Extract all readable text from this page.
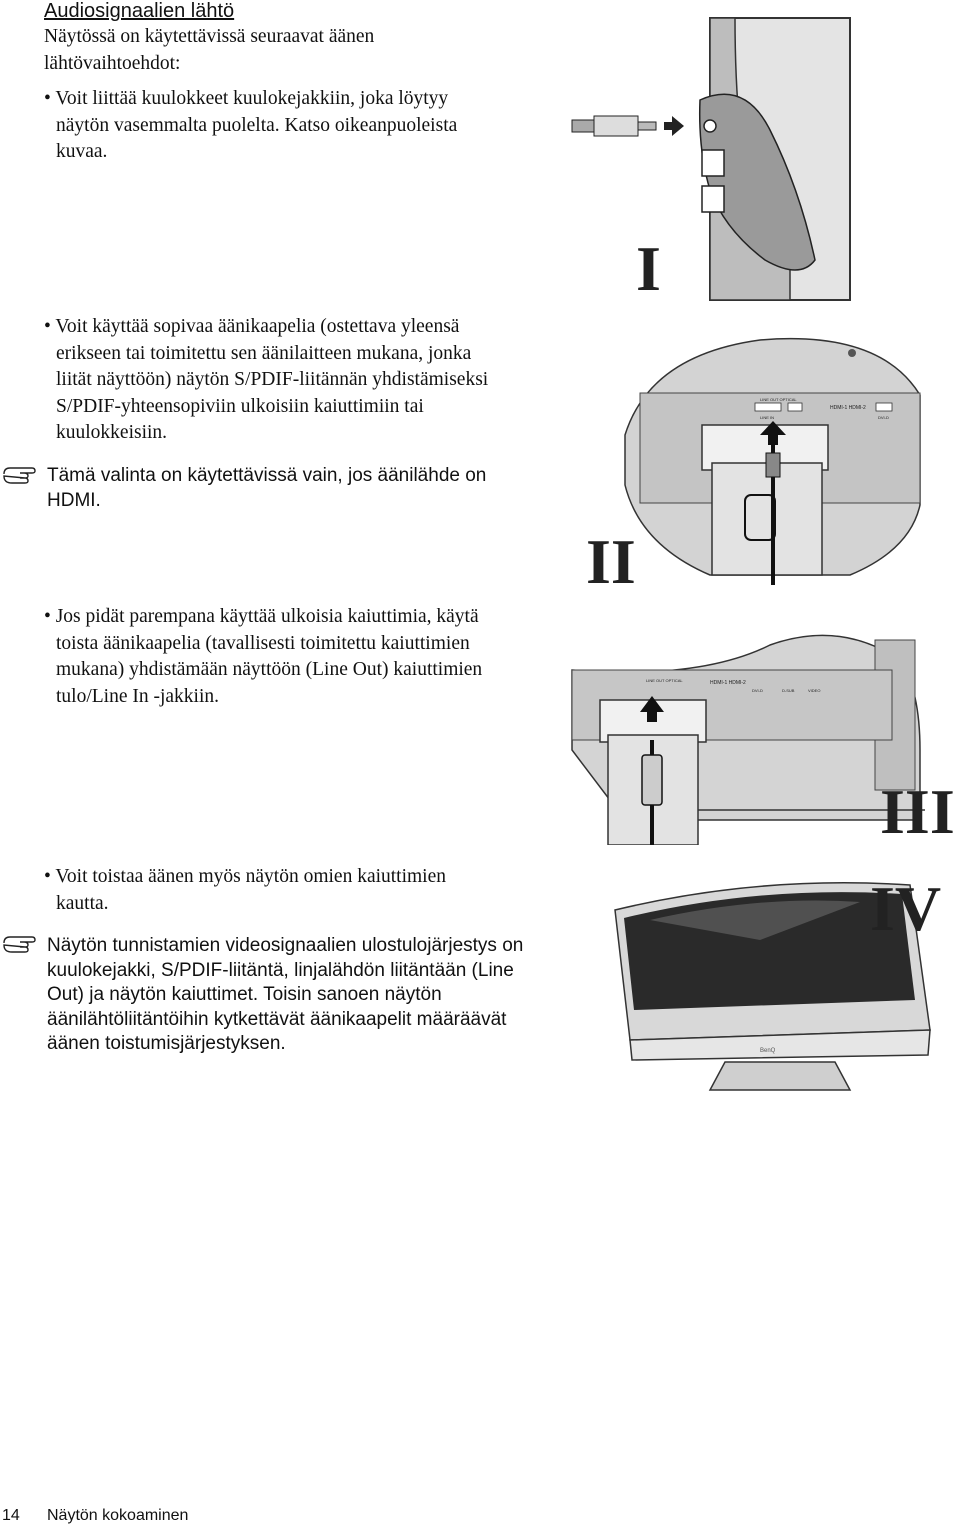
Audiosignaalien lähtö
Näytössä on käytettävissä seuraavat äänen
lähtövaihtoehdot:
• Voit liittää kuulokkeet kuulokejakkiin, joka löytyy
näytön vasemmalta puolelta. Katso oikeanpuoleista
kuvaa.
• Voit käyttää sopivaa äänikaapelia (ostettava yleensä
erikseen tai toimitettu sen äänilaitteen mukana, jonka
liität näyttöön) näytön S/PDIF-liitännän yhdistämiseksi
S/PDIF-yhteensopiviin ulkoisiin kaiuttimiin tai
kuulokkeisiin.
Tämä valinta on käytettävissä vain, jos äänilähde on
HDMI.
• Jos pidät parempana käyttää ulkoisia kaiuttimia, käytä
toista äänikaapelia (tavallisesti toimitettu kaiuttimien
mukana) yhdistämään näyttöön (Line Out) kaiuttimien
tulo/Line In -jakkiin.
• Voit toistaa äänen myös näytön omien kaiuttimien
kautta.
Näytön tunnistamien videosignaalien ulostulojärjestys on
kuulokejakki, S/PDIF-liitäntä, linjalähdön liitäntään (Line
Out) ja näytön kaiuttimet. Toisin sanoen näytön
äänilähtöliitäntöihin kytkettävät äänikaapelit määräävät
äänen toistumisjärjestyksen.
I
LINE OUT OPTICAL
LINE IN
HDMI-1 HDMI-2
DVI-D
II
LINE OUT OPTICAL	HDMI-1 HDMI-2
DVI-D	D-SUB	VIDEO
III
BenQ
IV
14 Näytön kokoaminen
